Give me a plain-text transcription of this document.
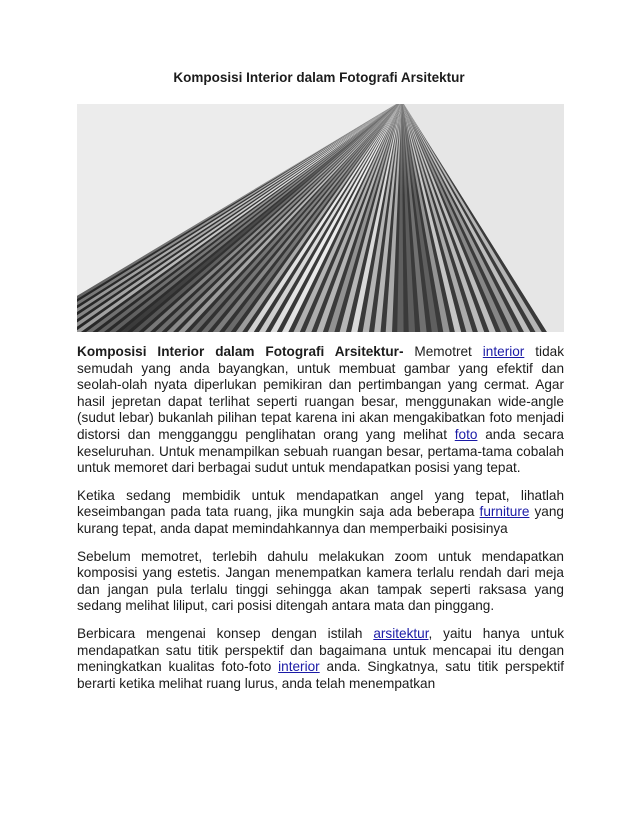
Komposisi Interior dalam Fotografi Arsitektur

Komposisi Interior dalam Fotografi Arsitektur- Memotret interior tidak semudah yang anda bayangkan, untuk membuat gambar yang efektif dan seolah-olah nyata diperlukan pemikiran dan pertimbangan yang cermat. Agar hasil jepretan dapat terlihat seperti ruangan besar, menggunakan wide-angle (sudut lebar) bukanlah pilihan tepat karena ini akan mengakibatkan foto menjadi distorsi dan mengganggu penglihatan orang yang melihat foto anda secara keseluruhan. Untuk menampilkan sebuah ruangan besar, pertama-tama cobalah untuk memoret dari berbagai sudut untuk mendapatkan posisi yang tepat.

Ketika sedang membidik untuk mendapatkan angel yang tepat, lihatlah keseimbangan pada tata ruang, jika mungkin saja ada beberapa furniture yang kurang tepat, anda dapat memindahkannya dan memperbaiki posisinya

Sebelum memotret, terlebih dahulu melakukan zoom untuk mendapatkan komposisi yang estetis. Jangan menempatkan kamera terlalu rendah dari meja dan jangan pula terlalu tinggi sehingga akan tampak seperti raksasa yang sedang melihat liliput, cari posisi ditengah antara mata dan pinggang.

Berbicara mengenai konsep dengan istilah arsitektur, yaitu hanya untuk mendapatkan satu titik perspektif dan bagaimana untuk mencapai itu dengan meningkatkan kualitas foto-foto interior anda. Singkatnya, satu titik perspektif berarti ketika melihat ruang lurus, anda telah menempatkan
